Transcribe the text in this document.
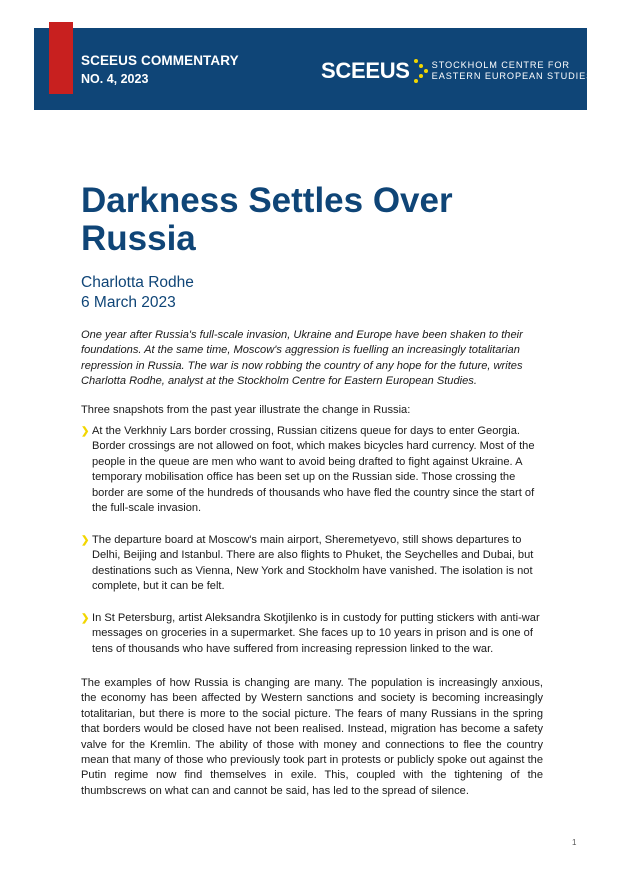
SCEEUS COMMENTARY
NO. 4, 2023	SCEEUS STOCKHOLM CENTRE FOR
EASTERN EUROPEAN STUDIES
Darkness Settles Over Russia
Charlotta Rodhe
6 March 2023

One year after Russia's full-scale invasion, Ukraine and Europe have been shaken to their foundations. At the same time, Moscow's aggression is fuelling an increasingly totalitarian repression in Russia. The war is now robbing the country of any hope for the future, writes Charlotta Rodhe, analyst at the Stockholm Centre for Eastern European Studies.

Three snapshots from the past year illustrate the change in Russia:

❯ At the Verkhniy Lars border crossing, Russian citizens queue for days to enter Georgia. Border crossings are not allowed on foot, which makes bicycles hard currency. Most of the people in the queue are men who want to avoid being drafted to fight against Ukraine. A temporary mobilisation office has been set up on the Russian side. Those crossing the border are some of the hundreds of thousands who have fled the country since the start of the full-scale invasion.

❯ The departure board at Moscow's main airport, Sheremetyevo, still shows departures to Delhi, Beijing and Istanbul. There are also flights to Phuket, the Seychelles and Dubai, but destinations such as Vienna, New York and Stockholm have vanished. The isolation is not complete, but it can be felt.

❯ In St Petersburg, artist Aleksandra Skotjilenko is in custody for putting stickers with anti-war messages on groceries in a supermarket. She faces up to 10 years in prison and is one of tens of thousands who have suffered from increasing repression linked to the war.

The examples of how Russia is changing are many. The population is increasingly anxious, the economy has been affected by Western sanctions and society is becoming increasingly totalitarian, but there is more to the social picture. The fears of many Russians in the spring that borders would be closed have not been realised. Instead, migration has become a safety valve for the Kremlin. The ability of those with money and connections to flee the country mean that many of those who previously took part in protests or publicly spoke out against the Putin regime now find themselves in exile. This, coupled with the tightening of the thumbscrews on what can and cannot be said, has led to the spread of silence.

1
